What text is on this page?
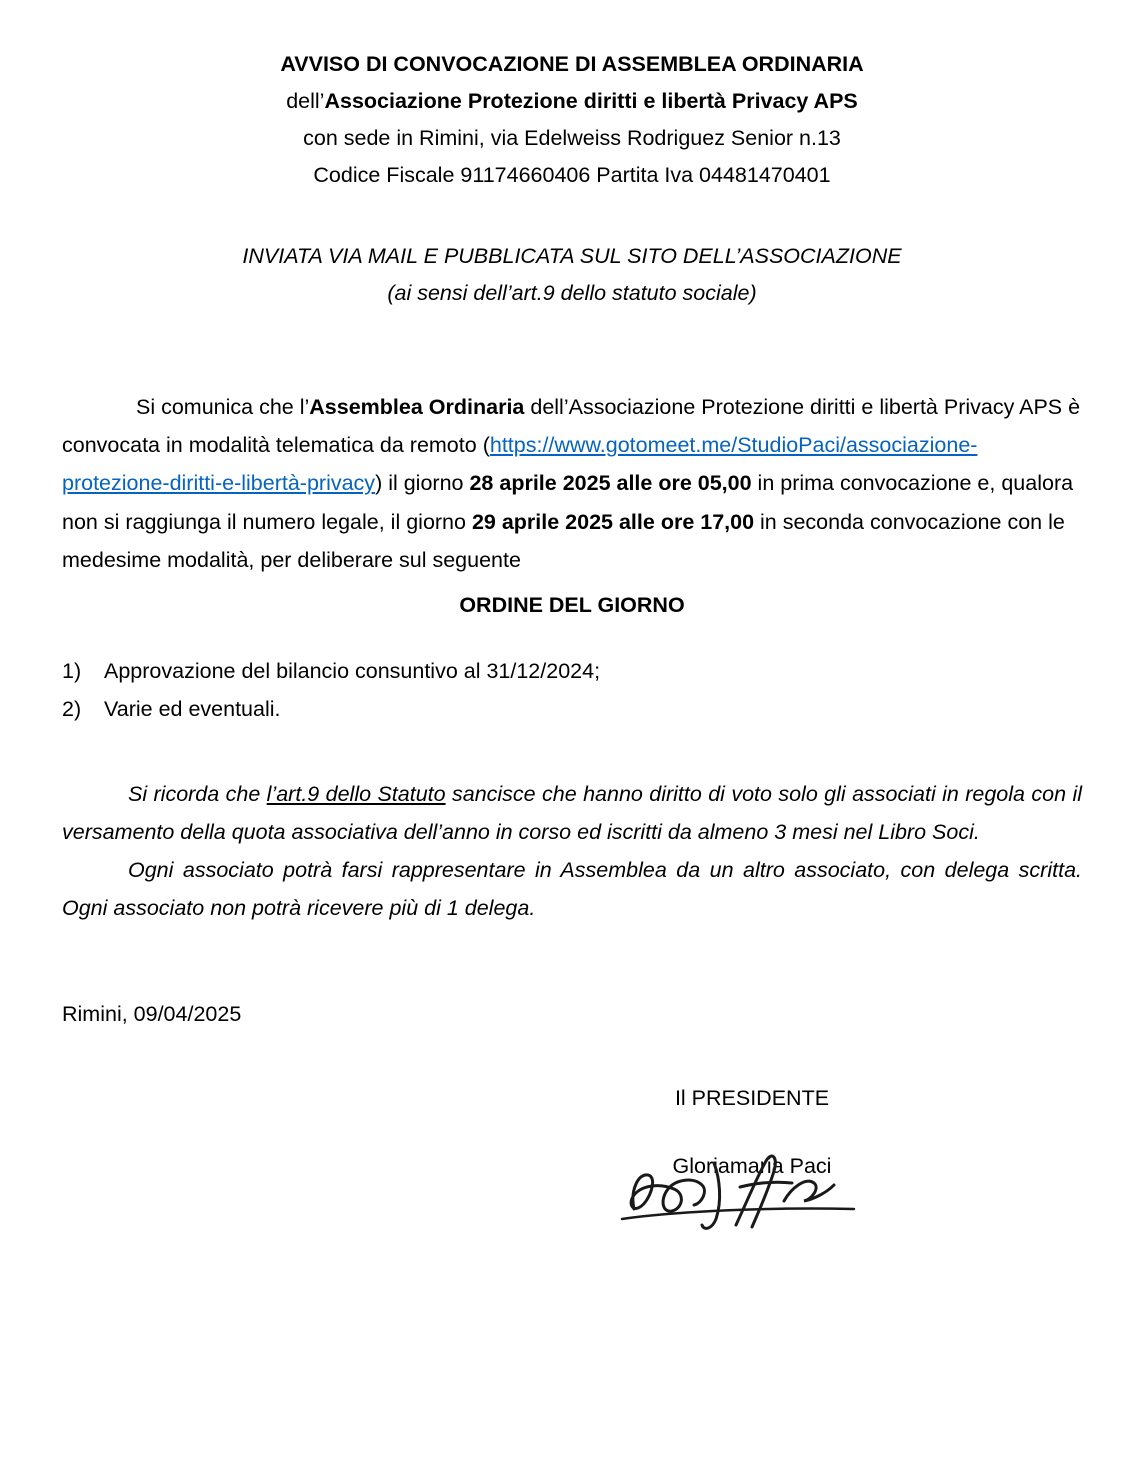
AVVISO DI CONVOCAZIONE DI ASSEMBLEA ORDINARIA
dell’Associazione Protezione diritti e libertà Privacy APS
con sede in Rimini, via Edelweiss Rodriguez Senior n.13
Codice Fiscale 91174660406 Partita Iva 04481470401
INVIATA VIA MAIL E PUBBLICATA SUL SITO DELL’ASSOCIAZIONE
(ai sensi dell’art.9 dello statuto sociale)
Si comunica che l’Assemblea Ordinaria dell’Associazione Protezione diritti e libertà Privacy APS è convocata in modalità telematica da remoto (https://www.gotomeet.me/StudioPaci/associazione-protezione-diritti-e-libertà-privacy) il giorno 28 aprile 2025 alle ore 05,00 in prima convocazione e, qualora non si raggiunga il numero legale, il giorno 29 aprile 2025 alle ore 17,00 in seconda convocazione con le medesime modalità, per deliberare sul seguente
ORDINE DEL GIORNO
1)	Approvazione del bilancio consuntivo al 31/12/2024;
2)	Varie ed eventuali.

Si ricorda che l’art.9 dello Statuto sancisce che hanno diritto di voto solo gli associati in regola con il versamento della quota associativa dell’anno in corso ed iscritti da almeno 3 mesi nel Libro Soci.

Ogni associato potrà farsi rappresentare in Assemblea da un altro associato, con delega scritta. Ogni associato non potrà ricevere più di 1 delega.

Rimini, 09/04/2025
Il PRESIDENTE
Gloriamaria Paci
